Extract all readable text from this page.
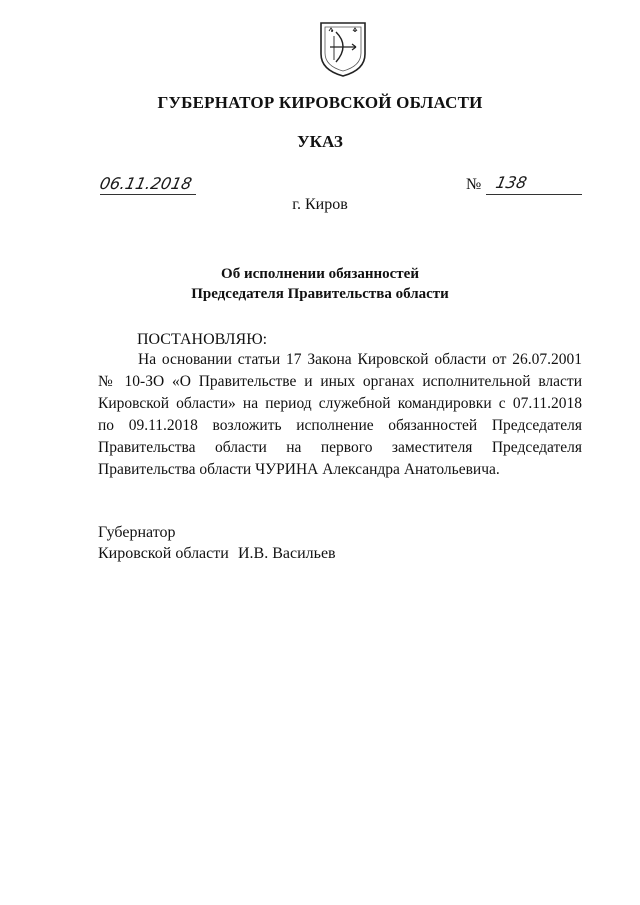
ГУБЕРНАТОР КИРОВСКОЙ ОБЛАСТИ
УКАЗ
06.11.2018	№ 138
г. Киров
Об исполнении обязанностей
Председателя Правительства области
ПОСТАНОВЛЯЮ:
На основании статьи 17 Закона Кировской области от 26.07.2001
№ 10-ЗО «О Правительстве и иных органах исполнительной власти
Кировской области» на период служебной командировки с 07.11.2018
по 09.11.2018 возложить исполнение обязанностей Председателя
Правительства области на первого заместителя Председателя
Правительства области ЧУРИНА Александра Анатольевича.
Губернатор
Кировской области И.В. Васильев
